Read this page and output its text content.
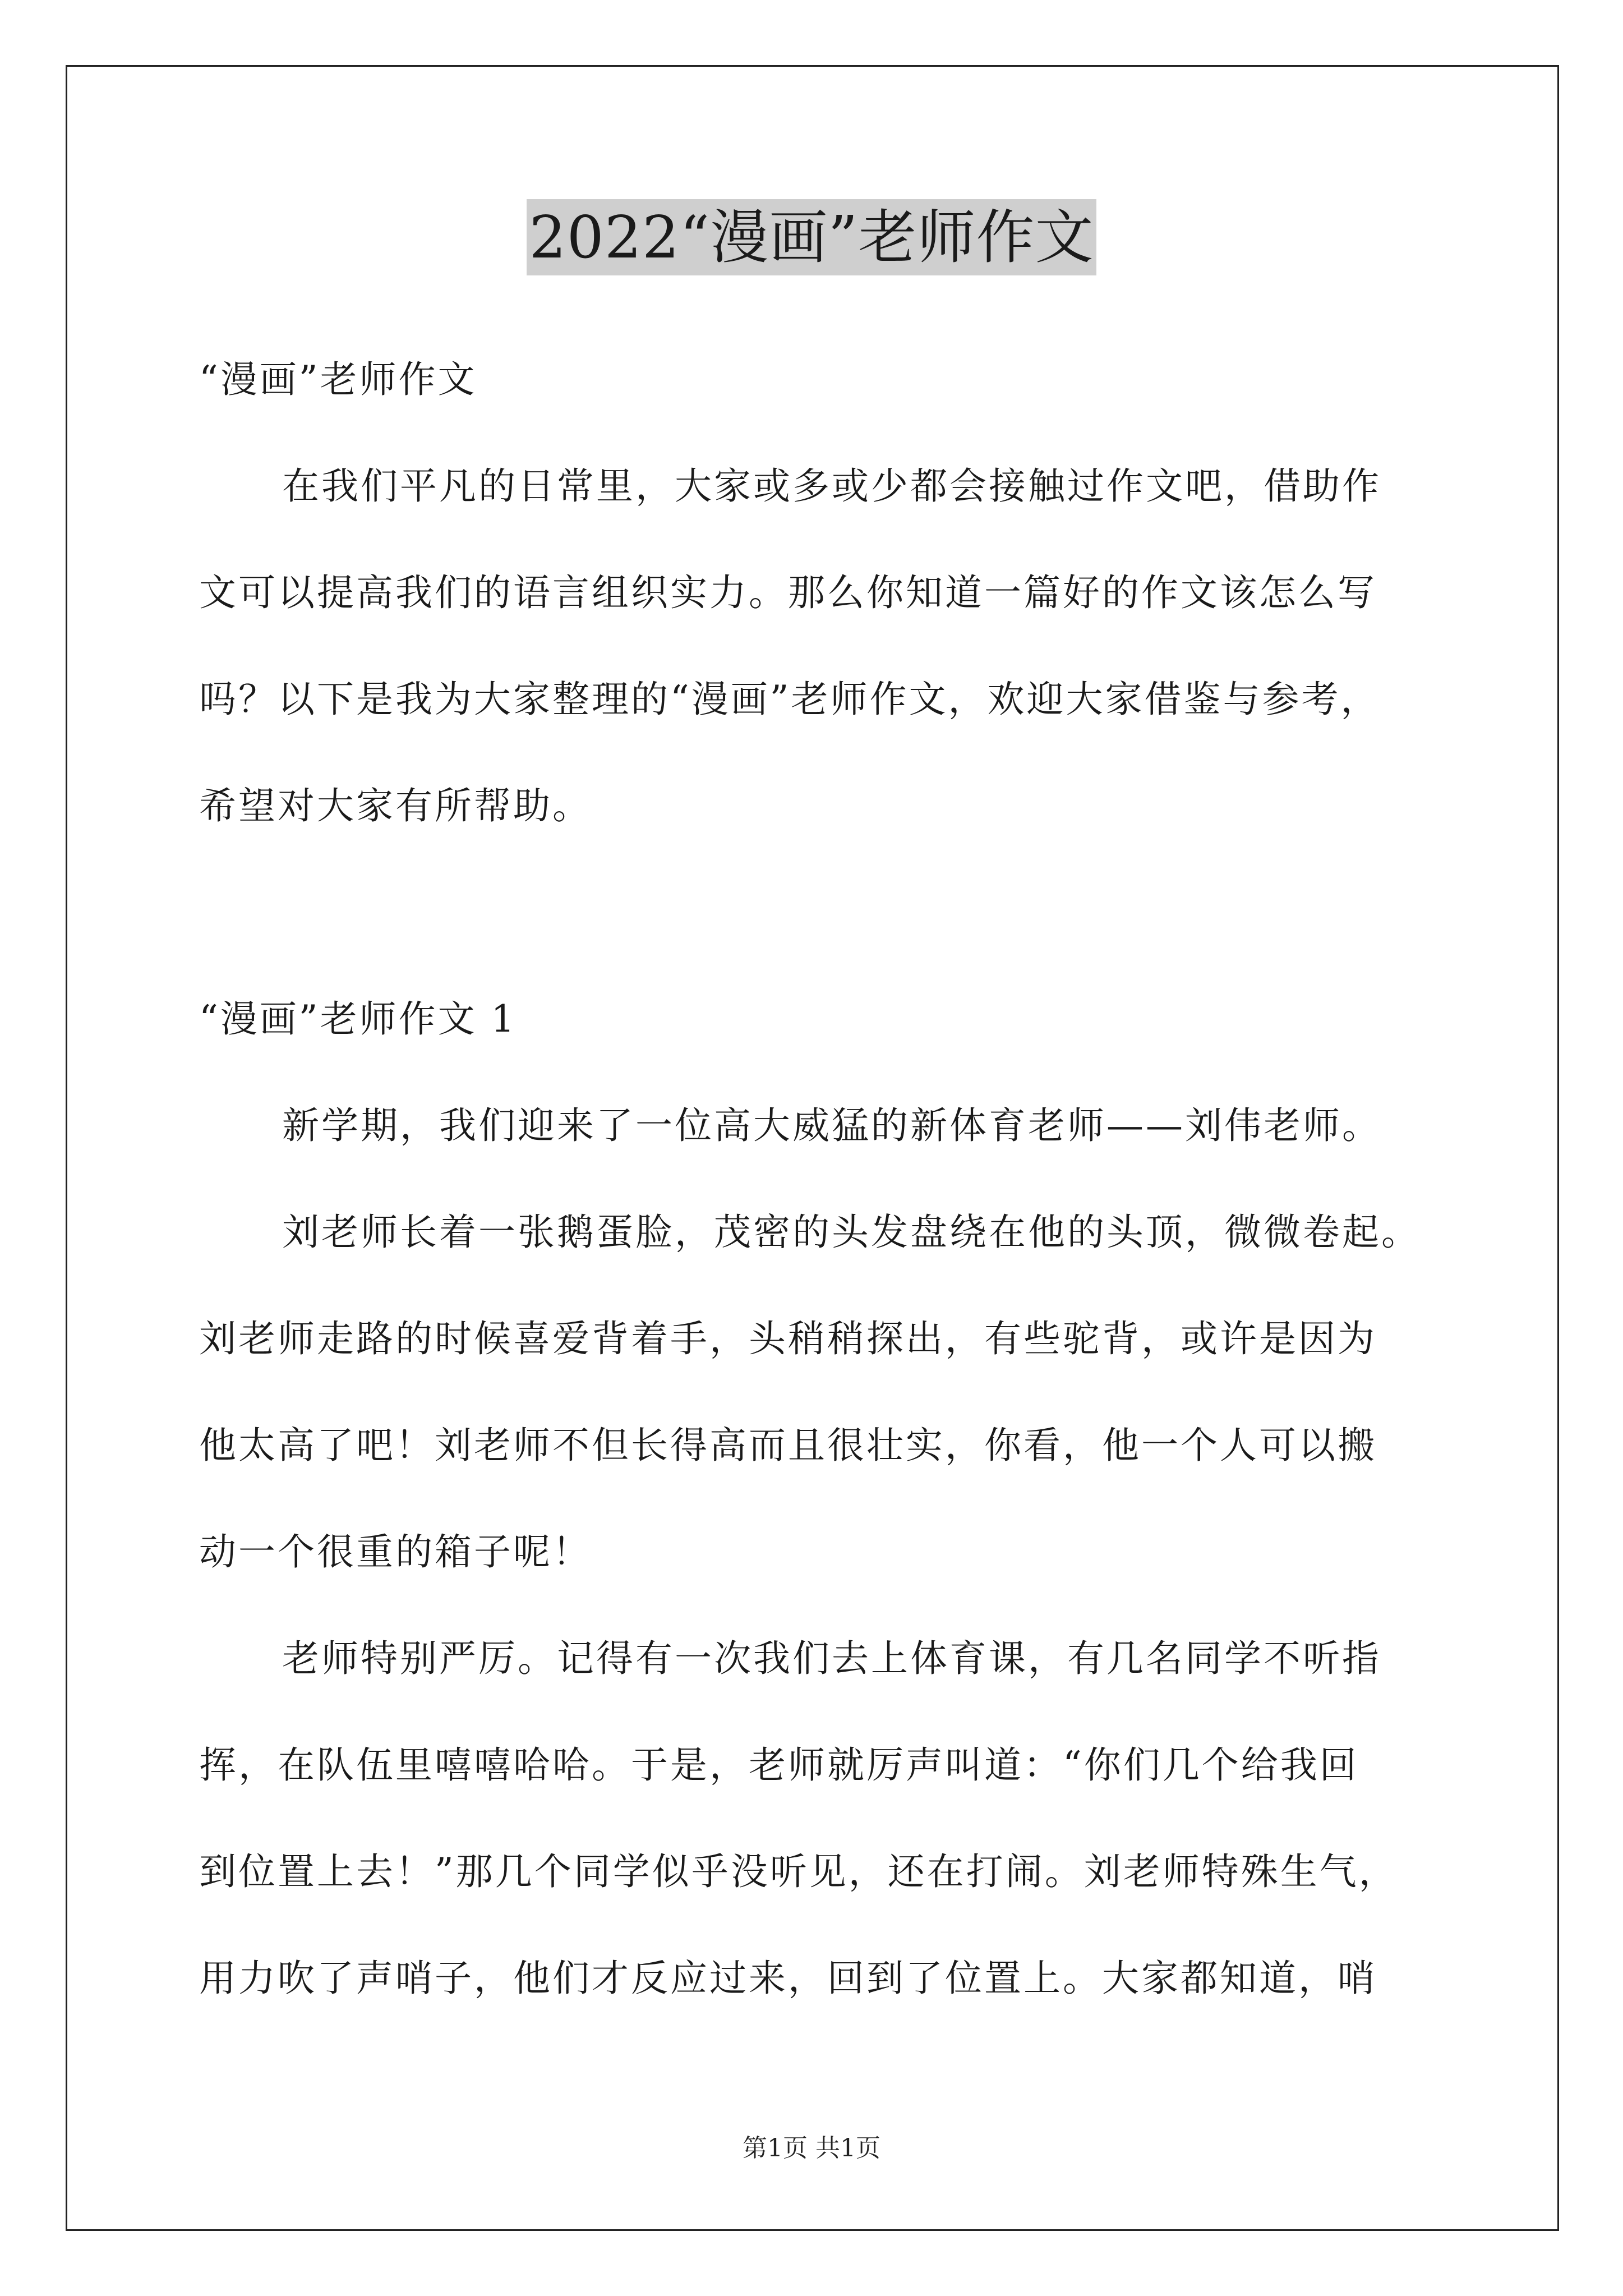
2022“漫画”老师作文
“漫画”老师作文
在我们平凡的日常里，大家或多或少都会接触过作文吧，借助作
文可以提高我们的语言组织实力。那么你知道一篇好的作文该怎么写
吗？以下是我为大家整理的“漫画”老师作文，欢迎大家借鉴与参考，
希望对大家有所帮助。
“漫画”老师作文 1
新学期，我们迎来了一位高大威猛的新体育老师——刘伟老师。
刘老师长着一张鹅蛋脸，茂密的头发盘绕在他的头顶，微微卷起。
刘老师走路的时候喜爱背着手，头稍稍探出，有些驼背，或许是因为
他太高了吧！刘老师不但长得高而且很壮实，你看，他一个人可以搬
动一个很重的箱子呢！
老师特别严厉。记得有一次我们去上体育课，有几名同学不听指
挥，在队伍里嘻嘻哈哈。于是，老师就厉声叫道：“你们几个给我回
到位置上去！”那几个同学似乎没听见，还在打闹。刘老师特殊生气，
用力吹了声哨子，他们才反应过来，回到了位置上。大家都知道，哨
第1页 共1页
